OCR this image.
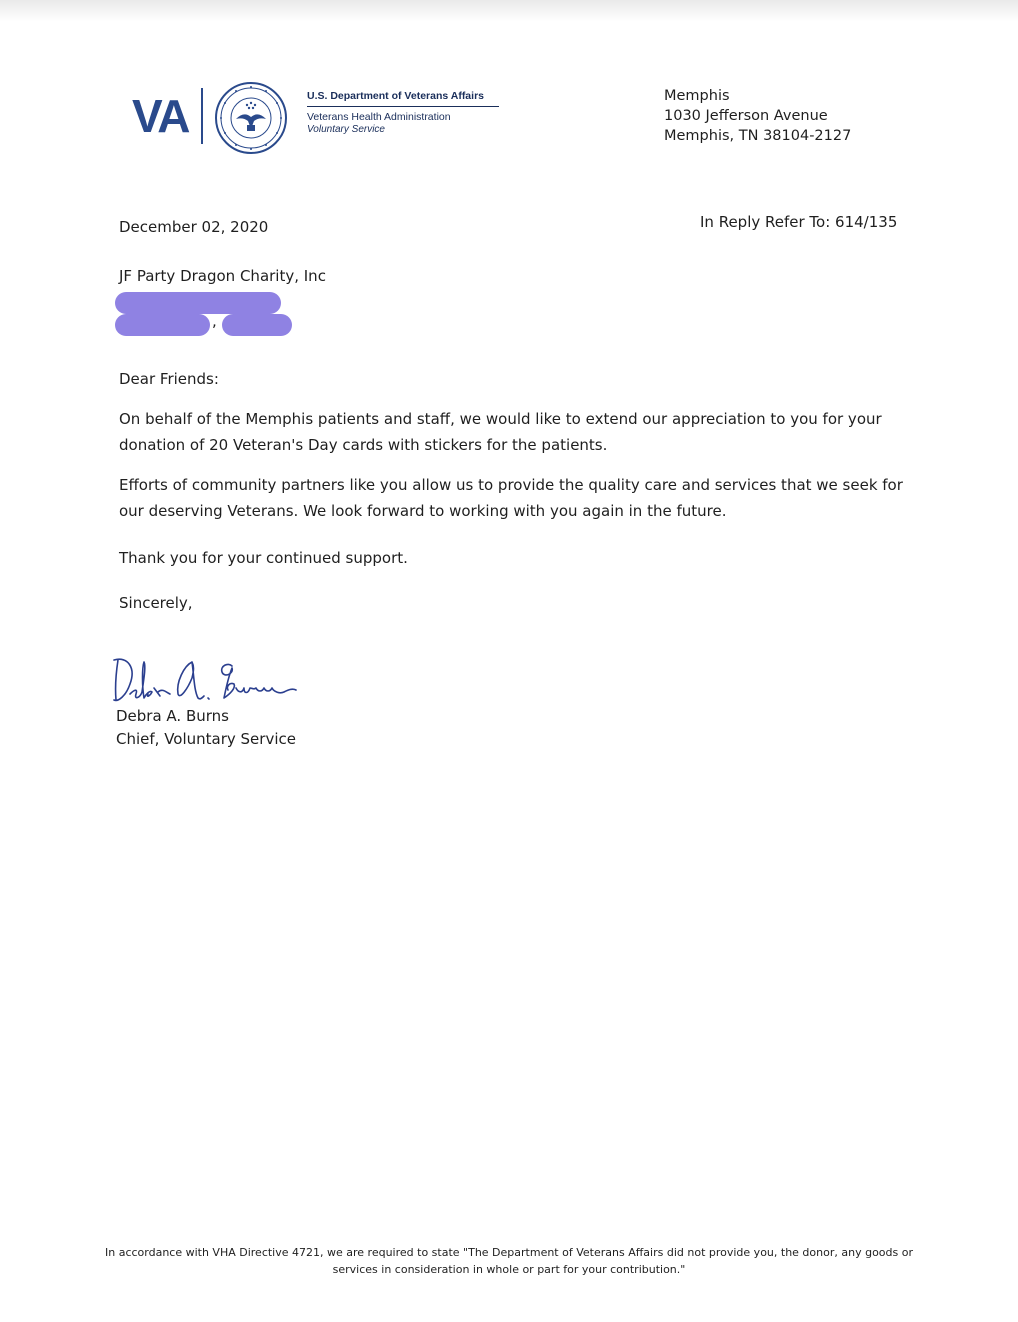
VA	U.S. Department of Veterans Affairs
Veterans Health Administration
Voluntary Service
Memphis
1030 Jefferson Avenue
Memphis, TN 38104-2127
December 02, 2020	In Reply Refer To: 614/135
JF Party Dragon Charity, Inc
,
Dear Friends:
On behalf of the Memphis patients and staff, we would like to extend our appreciation to you for your donation of 20 Veteran's Day cards with stickers for the patients.
Efforts of community partners like you allow us to provide the quality care and services that we seek for our deserving Veterans. We look forward to working with you again in the future.
Thank you for your continued support.
Sincerely,
Debra A. Burns
Chief, Voluntary Service
In accordance with VHA Directive 4721, we are required to state "The Department of Veterans Affairs did not provide you, the donor, any goods or services in consideration in whole or part for your contribution."
